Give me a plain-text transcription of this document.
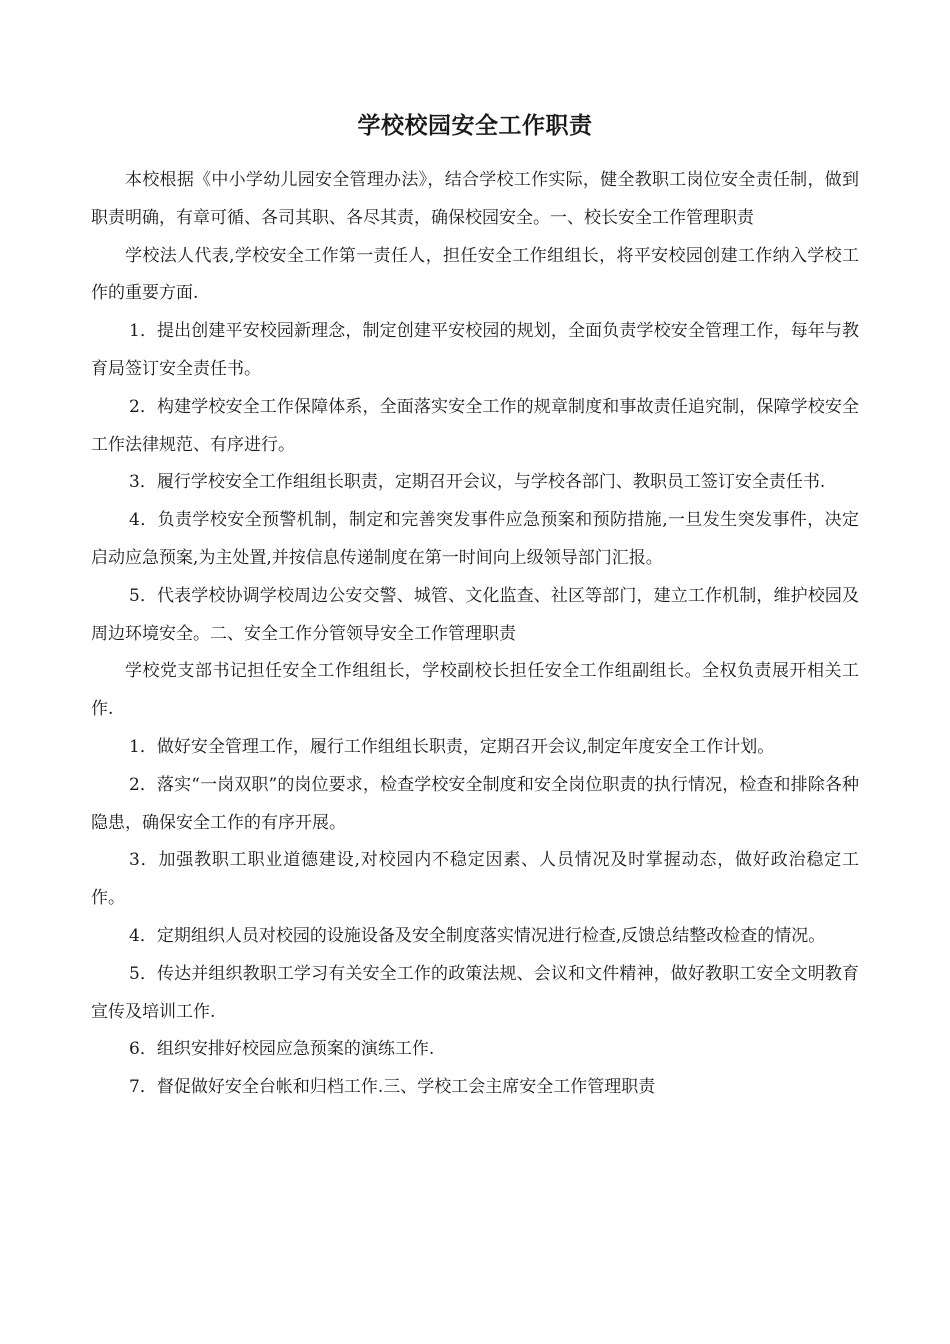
学校校园安全工作职责

本校根据《中小学幼儿园安全管理办法》，结合学校工作实际，健全教职工岗位安全责任制，做到职责明确，有章可循、各司其职、各尽其责，确保校园安全。一、校长安全工作管理职责

学校法人代表,学校安全工作第一责任人，担任安全工作组组长，将平安校园创建工作纳入学校工作的重要方面.

1．提出创建平安校园新理念，制定创建平安校园的规划，全面负责学校安全管理工作，每年与教育局签订安全责任书。

2．构建学校安全工作保障体系，全面落实安全工作的规章制度和事故责任追究制，保障学校安全工作法律规范、有序进行。

3．履行学校安全工作组组长职责，定期召开会议，与学校各部门、教职员工签订安全责任书.

4．负责学校安全预警机制，制定和完善突发事件应急预案和预防措施,一旦发生突发事件，决定启动应急预案,为主处置,并按信息传递制度在第一时间向上级领导部门汇报。

5．代表学校协调学校周边公安交警、城管、文化监查、社区等部门，建立工作机制，维护校园及周边环境安全。二、安全工作分管领导安全工作管理职责

学校党支部书记担任安全工作组组长，学校副校长担任安全工作组副组长。全权负责展开相关工作.

1．做好安全管理工作，履行工作组组长职责，定期召开会议,制定年度安全工作计划。

2．落实“一岗双职”的岗位要求，检查学校安全制度和安全岗位职责的执行情况，检查和排除各种隐患，确保安全工作的有序开展。

3．加强教职工职业道德建设,对校园内不稳定因素、人员情况及时掌握动态，做好政治稳定工作。

4．定期组织人员对校园的设施设备及安全制度落实情况进行检查,反馈总结整改检查的情况。

5．传达并组织教职工学习有关安全工作的政策法规、会议和文件精神，做好教职工安全文明教育宣传及培训工作.

6．组织安排好校园应急预案的演练工作.

7．督促做好安全台帐和归档工作.三、学校工会主席安全工作管理职责
